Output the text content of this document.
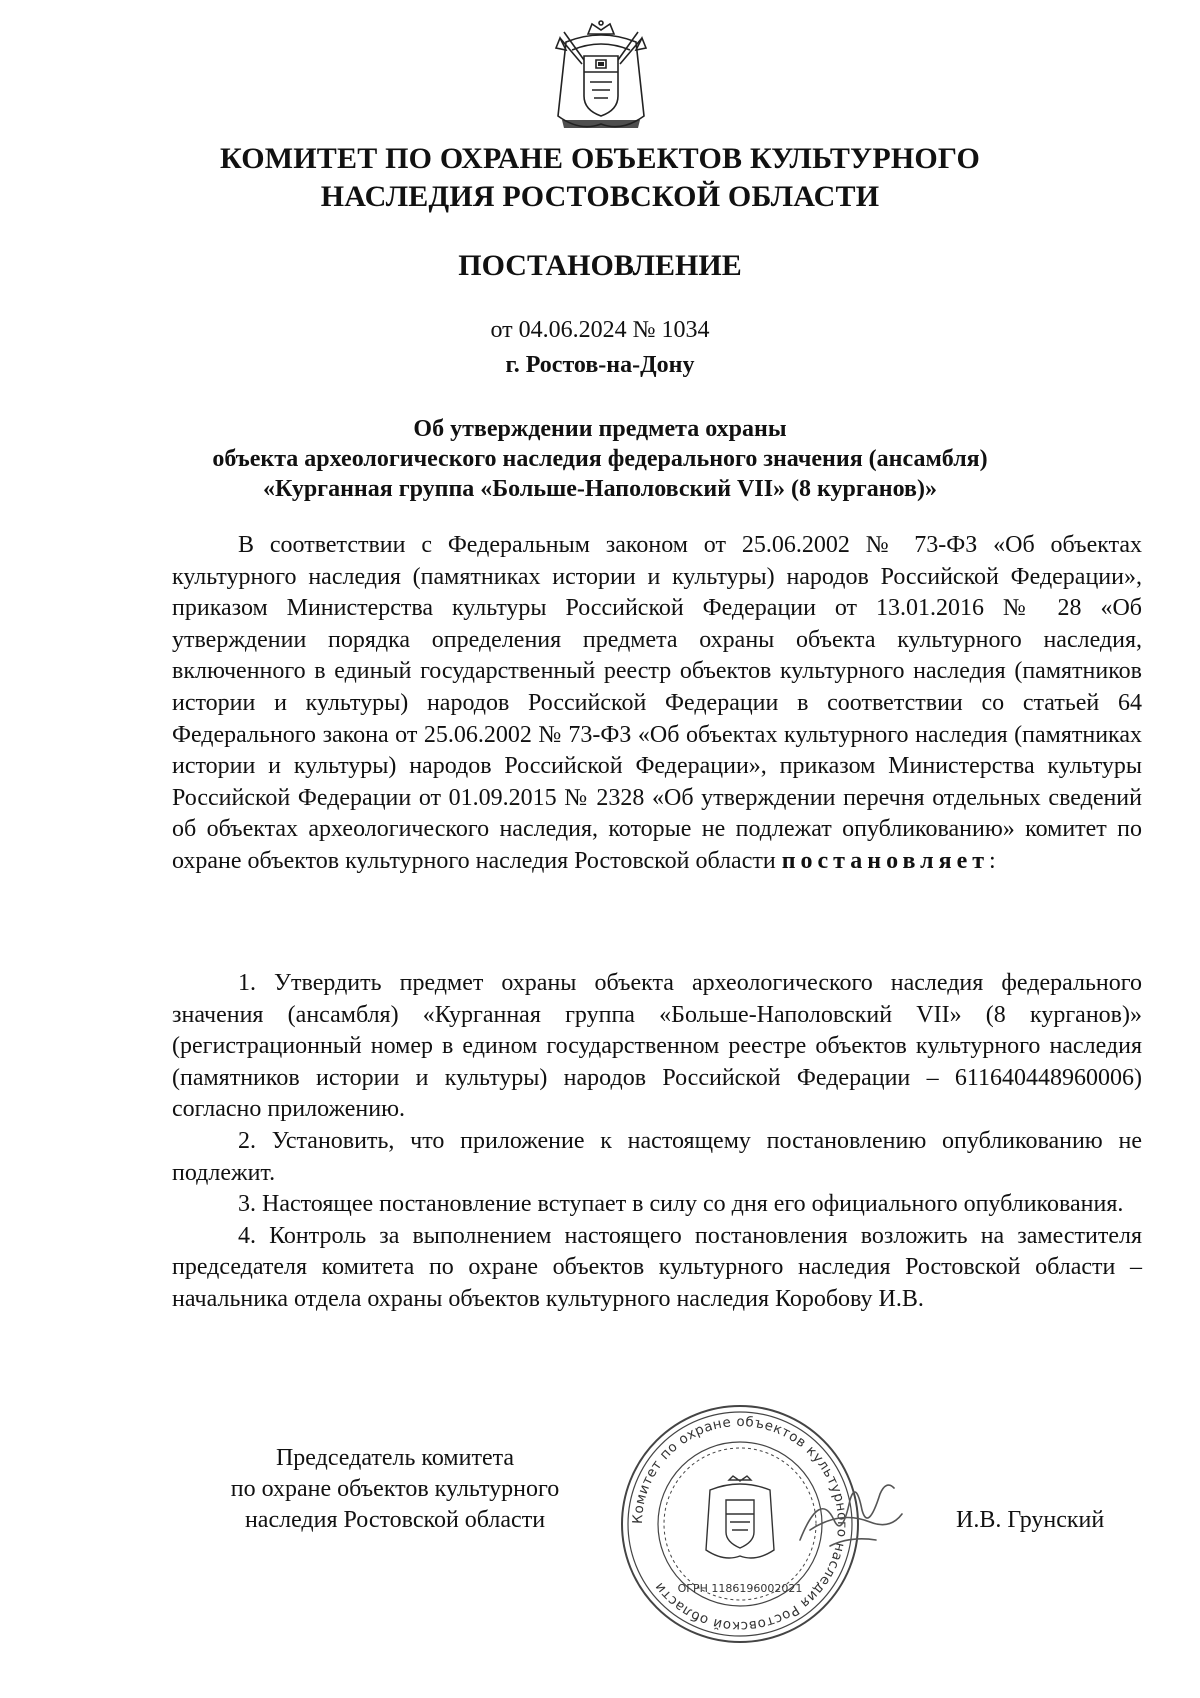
КОМИТЕТ ПО ОХРАНЕ ОБЪЕКТОВ КУЛЬТУРНОГО
НАСЛЕДИЯ РОСТОВСКОЙ ОБЛАСТИ
ПОСТАНОВЛЕНИЕ
от 04.06.2024 № 1034
г. Ростов-на-Дону
Об утверждении предмета охраны
объекта археологического наследия федерального значения (ансамбля)
«Курганная группа «Больше-Наполовский VII» (8 курганов)»

В соответствии с Федеральным законом от 25.06.2002 № 73-ФЗ «Об объектах культурного наследия (памятниках истории и культуры) народов Российской Федерации», приказом Министерства культуры Российской Федерации от 13.01.2016 № 28 «Об утверждении порядка определения предмета охраны объекта культурного наследия, включенного в единый государственный реестр объектов культурного наследия (памятников истории и культуры) народов Российской Федерации в соответствии со статьей 64 Федерального закона от 25.06.2002 № 73-ФЗ «Об объектах культурного наследия (памятниках истории и культуры) народов Российской Федерации», приказом Министерства культуры Российской Федерации от 01.09.2015 № 2328 «Об утверждении перечня отдельных сведений об объектах археологического наследия, которые не подлежат опубликованию» комитет по охране объектов культурного наследия Ростовской области постановляет:

1. Утвердить предмет охраны объекта археологического наследия федерального значения (ансамбля) «Курганная группа «Больше-Наполовский VII» (8 курганов)» (регистрационный номер в едином государственном реестре объектов культурного наследия (памятников истории и культуры) народов Российской Федерации – 611640448960006) согласно приложению.

2. Установить, что приложение к настоящему постановлению опубликованию не подлежит.

3. Настоящее постановление вступает в силу со дня его официального опубликования.

4. Контроль за выполнением настоящего постановления возложить на заместителя председателя комитета по охране объектов культурного наследия Ростовской области – начальника отдела охраны объектов культурного наследия Коробову И.В.

Председатель комитета
по охране объектов культурного
наследия Ростовской области	Комитет по охране объектов культурного наследия Ростовской области ОГРН 1186196002021
И.В. Грунский
